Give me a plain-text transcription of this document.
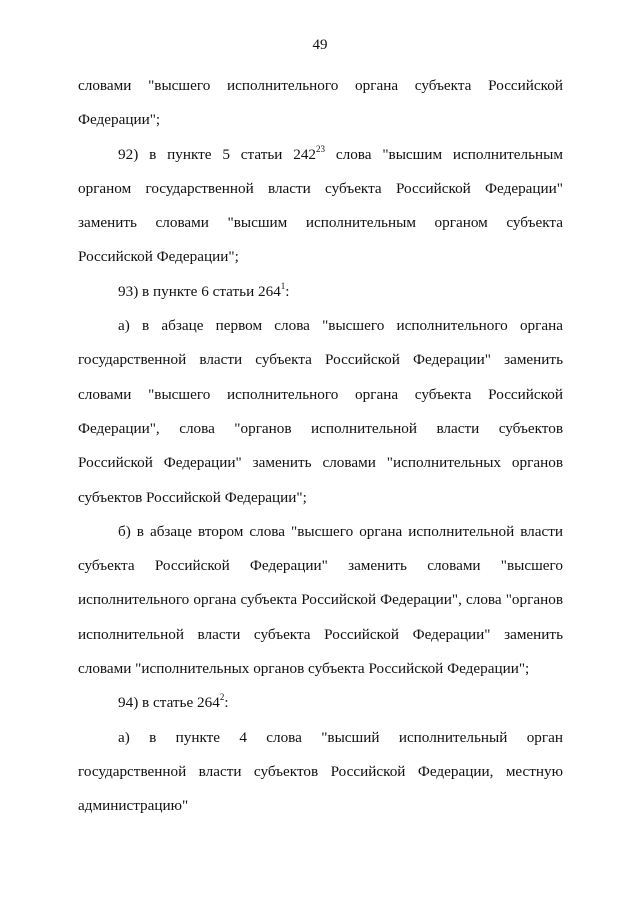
49

словами "высшего исполнительного органа субъекта Российской Федерации";

92) в пункте 5 статьи $242^{23}$ слова "высшим исполнительным органом государственной власти субъекта Российской Федерации" заменить словами "высшим исполнительным органом субъекта Российской Федерации";

93) в пункте 6 статьи $264^1$:

а) в абзаце первом слова "высшего исполнительного органа государственной власти субъекта Российской Федерации" заменить словами "высшего исполнительного органа субъекта Российской Федерации", слова "органов исполнительной власти субъектов Российской Федерации" заменить словами "исполнительных органов субъектов Российской Федерации";

б) в абзаце втором слова "высшего органа исполнительной власти субъекта Российской Федерации" заменить словами "высшего исполнительного органа субъекта Российской Федерации", слова "органов исполнительной власти субъекта Российской Федерации" заменить словами "исполнительных органов субъекта Российской Федерации";

94) в статье $264^2$:

а) в пункте 4 слова "высший исполнительный орган государственной власти субъектов Российской Федерации, местную администрацию"
